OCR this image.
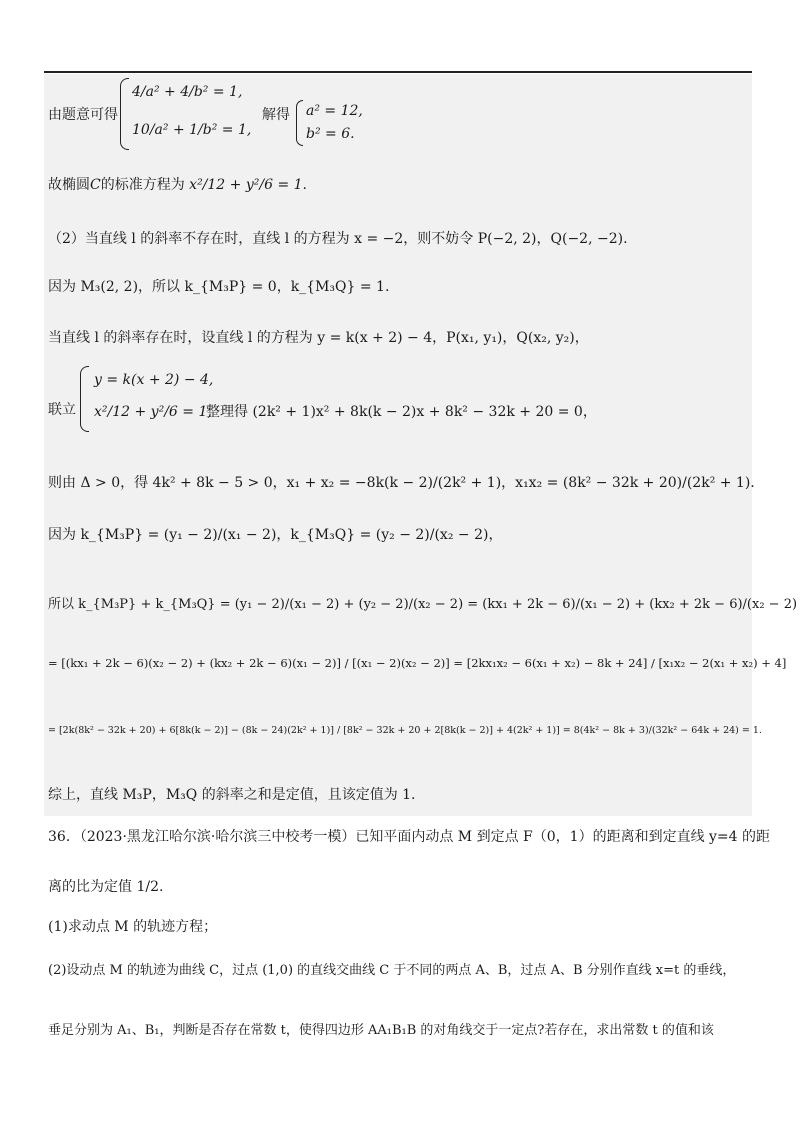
由题意可得
4/a² + 4/b² = 1,
10/a² + 1/b² = 1,
解得 a² = 12,
b² = 6.
故椭圆C的标准方程为 x²/12 + y²/6 = 1.
（2）当直线 l 的斜率不存在时，直线 l 的方程为 x = −2，则不妨令 P(−2, 2)，Q(−2, −2).
因为 M₃(2, 2)，所以 k_{M₃P} = 0，k_{M₃Q} = 1.
当直线 l 的斜率存在时，设直线 l 的方程为 y = k(x + 2) − 4，P(x₁, y₁)，Q(x₂, y₂)，
联立
y = k(x + 2) − 4,
x²/12 + y²/6 = 1,
整理得 (2k² + 1)x² + 8k(k − 2)x + 8k² − 32k + 20 = 0，
则由 Δ > 0，得 4k² + 8k − 5 > 0，x₁ + x₂ = −8k(k − 2)/(2k² + 1)，x₁x₂ = (8k² − 32k + 20)/(2k² + 1).
因为 k_{M₃P} = (y₁ − 2)/(x₁ − 2)，k_{M₃Q} = (y₂ − 2)/(x₂ − 2)，
所以 k_{M₃P} + k_{M₃Q} = (y₁ − 2)/(x₁ − 2) + (y₂ − 2)/(x₂ − 2) = (kx₁ + 2k − 6)/(x₁ − 2) + (kx₂ + 2k − 6)/(x₂ − 2)
= [(kx₁ + 2k − 6)(x₂ − 2) + (kx₂ + 2k − 6)(x₁ − 2)] / [(x₁ − 2)(x₂ − 2)] = [2kx₁x₂ − 6(x₁ + x₂) − 8k + 24] / [x₁x₂ − 2(x₁ + x₂) + 4]
= [2k(8k² − 32k + 20) + 6[8k(k − 2)] − (8k − 24)(2k² + 1)] / [8k² − 32k + 20 + 2[8k(k − 2)] + 4(2k² + 1)] = 8(4k² − 8k + 3)/(32k² − 64k + 24) = 1.
综上，直线 M₃P，M₃Q 的斜率之和是定值，且该定值为 1.
36．（2023·黑龙江哈尔滨·哈尔滨三中校考一模）已知平面内动点 M 到定点 F（0，1）的距离和到定直线 y=4 的距
离的比为定值 1/2.
(1)求动点 M 的轨迹方程；
(2)设动点 M 的轨迹为曲线 C，过点 (1,0) 的直线交曲线 C 于不同的两点 A、B，过点 A、B 分别作直线 x=t 的垂线，
垂足分别为 A₁、B₁，判断是否存在常数 t，使得四边形 AA₁B₁B 的对角线交于一定点?若存在，求出常数 t 的值和该
